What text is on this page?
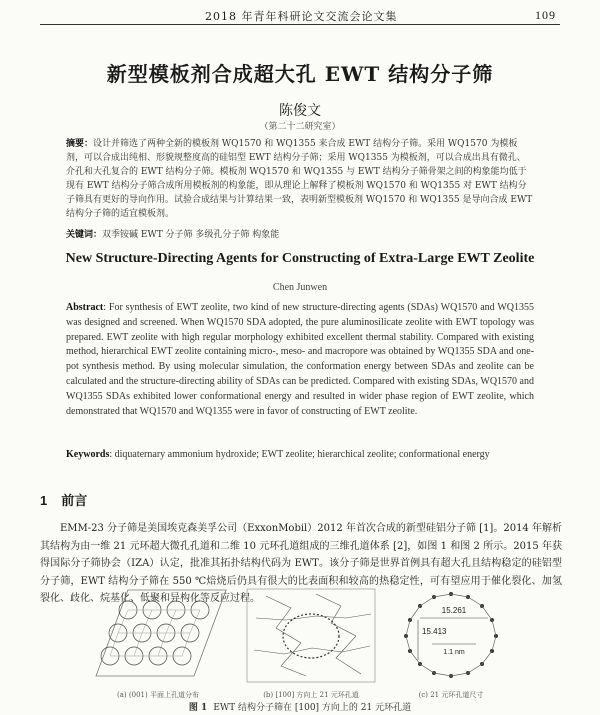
2018 年青年科研论文交流会论文集	109
新型模板剂合成超大孔 EWT 结构分子筛
陈俊文
（第二十二研究室）
摘要：设计并筛选了两种全新的模板剂 WQ1570 和 WQ1355 来合成 EWT 结构分子筛。采用 WQ1570 为模板剂，可以合成出纯相、形貌规整度高的硅铝型 EWT 结构分子筛；采用 WQ1355 为模板剂，可以合成出具有微孔、介孔和大孔复合的 EWT 结构分子筛。模板剂 WQ1570 和 WQ1355 与 EWT 结构分子筛骨架之间的构象能均低于现有 EWT 结构分子筛合成所用模板剂的构象能，即从理论上解释了模板剂 WQ1570 和 WQ1355 对 EWT 结构分子筛具有更好的导向作用。试验合成结果与计算结果一致，表明新型模板剂 WQ1570 和 WQ1355 是导向合成 EWT 结构分子筛的适宜模板剂。
关键词：双季铵碱 EWT 分子筛 多级孔分子筛 构象能
New Structure-Directing Agents for Constructing of Extra-Large EWT Zeolite
Chen Junwen
Abstract: For synthesis of EWT zeolite, two kind of new structure-directing agents (SDAs) WQ1570 and WQ1355 was designed and screened. When WQ1570 SDA adopted, the pure aluminosilicate zeolite with EWT topology was prepared. EWT zeolite with high regular morphology exhibited excellent thermal stability. Compared with existing method, hierarchical EWT zeolite containing micro-, meso- and macropore was obtained by WQ1355 SDA and one-pot synthesis method. By using molecular simulation, the conformation energy between SDAs and zeolite can be calculated and the structure-directing ability of SDAs can be predicted. Compared with existing SDAs, WQ1570 and WQ1355 SDAs exhibited lower conformational energy and resulted in wider phase region of EWT zeolite, which demonstrated that WQ1570 and WQ1355 were in favor of constructing of EWT zeolite.
Keywords: diquaternary ammonium hydroxide; EWT zeolite; hierarchical zeolite; conformational energy
1 前言
EMM-23 分子筛是美国埃克森美孚公司（ExxonMobil）2012 年首次合成的新型硅铝分子筛 [1]。2014 年解析其结构为由一维 21 元环超大微孔孔道和二维 10 元环孔道组成的三维孔道体系 [2]，如图 1 和图 2 所示。2015 年获得国际分子筛协会（IZA）认定，批准其拓扑结构代码为 EWT。该分子筛是世界首例具有超大孔且结构稳定的硅铝型分子筛，EWT 结构分子筛在 550 ℃焙烧后仍具有很大的比表面积和较高的热稳定性，可有望应用于催化裂化、加氢裂化、歧化、烷基化、低聚和异构化等反应过程。
(a) (001) 平面上孔道分布	(b) [100] 方向上 21 元环孔道
15.261
15.413
1.1 nm
(c) 21 元环孔道尺寸
图 1 EWT 结构分子筛在 [100] 方向上的 21 元环孔道
